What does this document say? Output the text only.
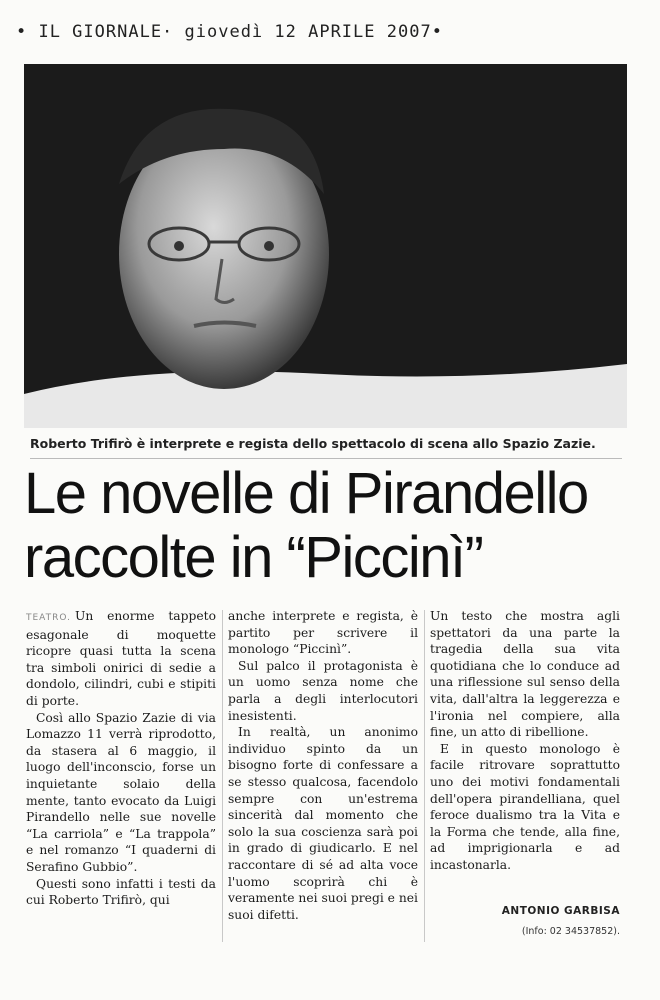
• IL GIORNALE· giovedì 12 APRILE 2007•
Roberto Trifirò è interprete e regista dello spettacolo di scena allo Spazio Zazie.
Le novelle di Pirandello
raccolte in “Piccinì”

TEATRO. Un enorme tappeto esagonale di moquette ricopre quasi tutta la scena tra simboli onirici di sedie a dondolo, cilindri, cubi e stipiti di porte.

Così allo Spazio Zazie di via Lomazzo 11 verrà riprodotto, da stasera al 6 maggio, il luogo dell'inconscio, forse un inquietante solaio della mente, tanto evocato da Luigi Pirandello nelle sue novelle “La carriola” e “La trappola” e nel romanzo “I quaderni di Serafino Gubbio”.

Questi sono infatti i testi da cui Roberto Trifirò, qui

anche interprete e regista, è partito per scrivere il monologo “Piccinì”.

Sul palco il protagonista è un uomo senza nome che parla a degli interlocutori inesistenti.

In realtà, un anonimo individuo spinto da un bisogno forte di confessare a se stesso qualcosa, facendolo sempre con un'estrema sincerità dal momento che solo la sua coscienza sarà poi in grado di giudicarlo. E nel raccontare di sé ad alta voce l'uomo scoprirà chi è veramente nei suoi pregi e nei suoi difetti.

Un testo che mostra agli spettatori da una parte la tragedia della sua vita quotidiana che lo conduce ad una riflessione sul senso della vita, dall'altra la leggerezza e l'ironia nel compiere, alla fine, un atto di ribellione.

E in questo monologo è facile ritrovare soprattutto uno dei motivi fondamentali dell'opera pirandelliana, quel feroce dualismo tra la Vita e la Forma che tende, alla fine, ad imprigionarla e ad incastonarla.

ANTONIO GARBISA
(Info: 02 34537852).
